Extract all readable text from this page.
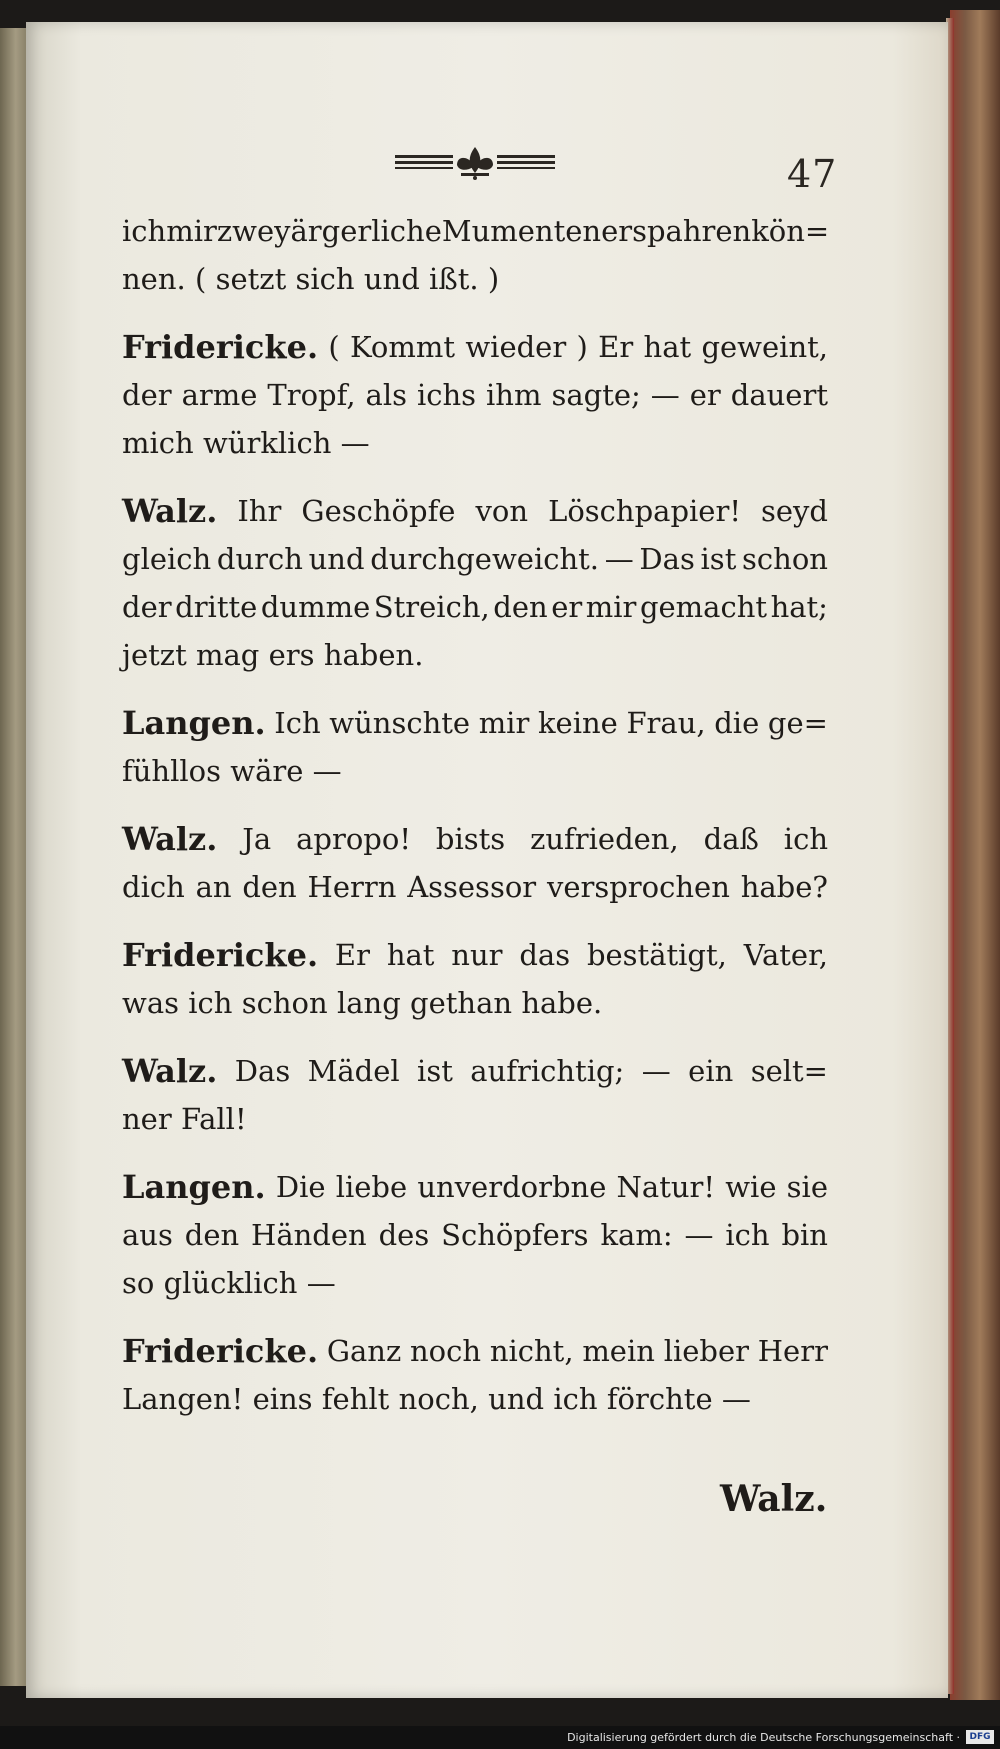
47
ich mir zwey ärgerliche Mumenten erspahren kön=
nen. ( setzt sich und ißt. )
Fridericke. ( Kommt wieder ) Er hat geweint,
der arme Tropf, als ichs ihm sagte; — er dauert
mich würklich —
Walz. Ihr Geschöpfe von Löschpapier! seyd
gleich durch und durchgeweicht. — Das ist schon
der dritte dumme Streich, den er mir gemacht hat;
jetzt mag ers haben.
Langen. Ich wünschte mir keine Frau, die ge=
fühllos wäre —
Walz. Ja apropo! bists zufrieden, daß ich
dich an den Herrn Assessor versprochen habe?
Fridericke. Er hat nur das bestätigt, Vater,
was ich schon lang gethan habe.
Walz. Das Mädel ist aufrichtig; — ein selt=
ner Fall!
Langen. Die liebe unverdorbne Natur! wie sie
aus den Händen des Schöpfers kam: — ich bin
so glücklich —
Fridericke. Ganz noch nicht, mein lieber Herr
Langen! eins fehlt noch, und ich förchte —
Walz.
Digitalisierung gefördert durch die Deutsche Forschungsgemeinschaft ·	DFG
